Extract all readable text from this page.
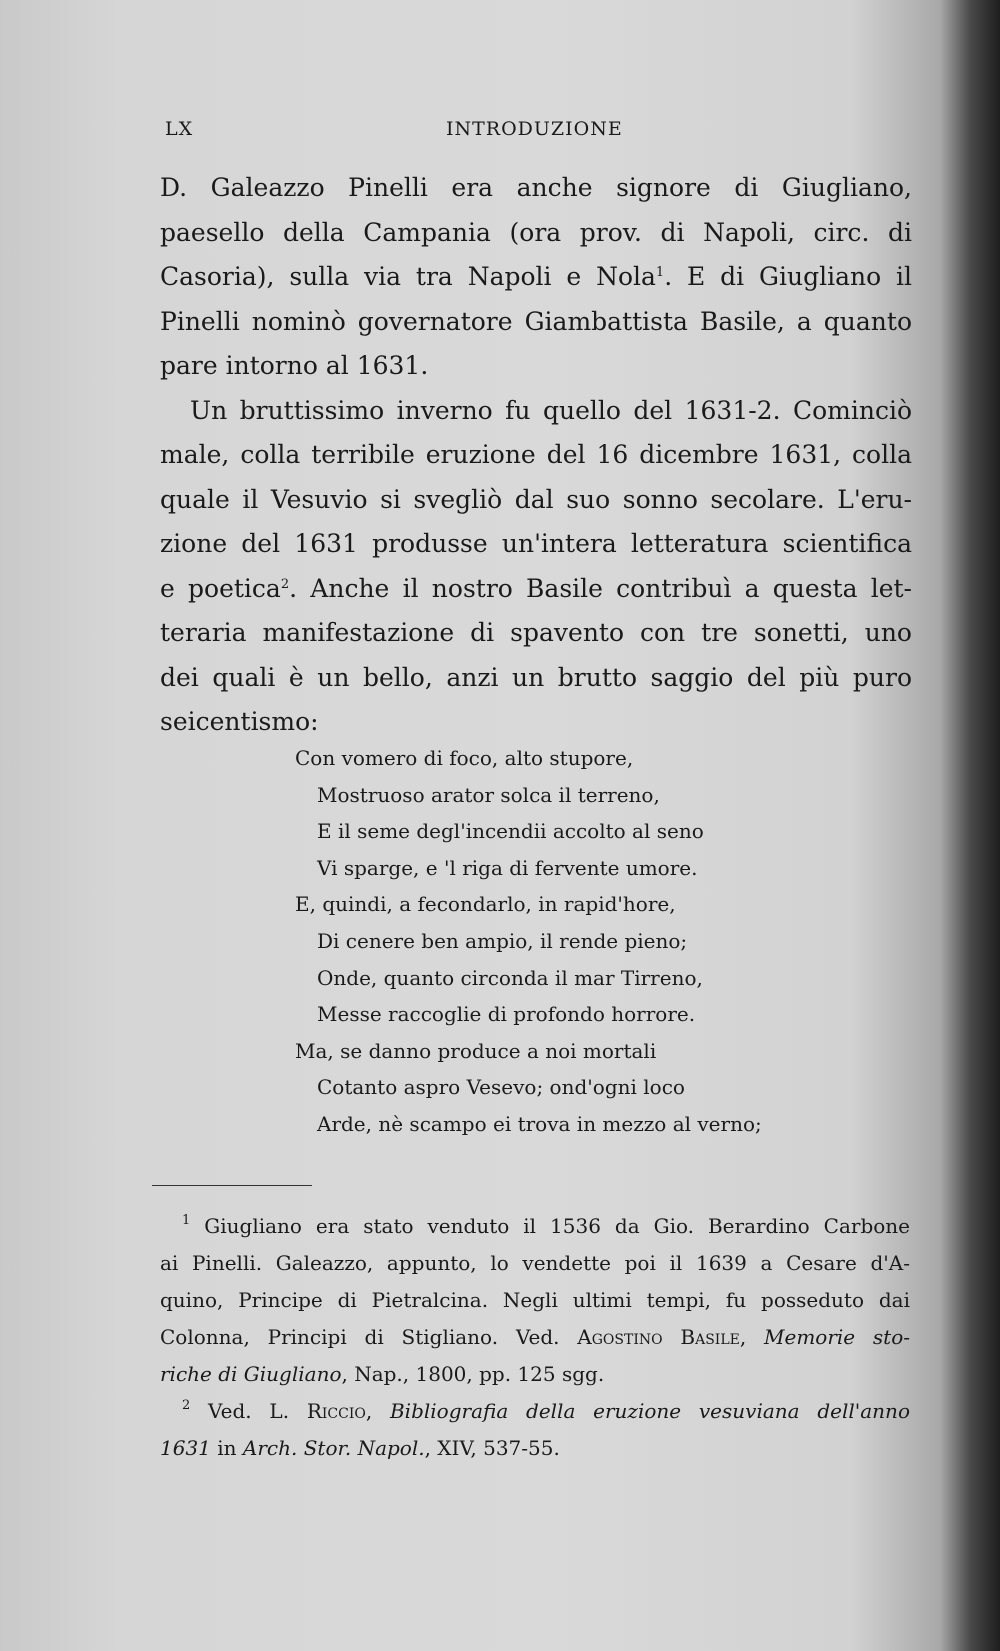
LX	INTRODUZIONE
D. Galeazzo Pinelli era anche signore di Giugliano,
paesello della Campania (ora prov. di Napoli, circ. di
Casoria), sulla via tra Napoli e Nola$^1$. E di Giugliano il
Pinelli nominò governatore Giambattista Basile, a quanto
pare intorno al 1631.
Un bruttissimo inverno fu quello del 1631-2. Cominciò
male, colla terribile eruzione del 16 dicembre 1631, colla
quale il Vesuvio si svegliò dal suo sonno secolare. L'eru-
zione del 1631 produsse un'intera letteratura scientifica
e poetica$^2$. Anche il nostro Basile contribuì a questa let-
teraria manifestazione di spavento con tre sonetti, uno
dei quali è un bello, anzi un brutto saggio del più puro
seicentismo:
Con vomero di foco, alto stupore,
Mostruoso arator solca il terreno,
E il seme degl'incendii accolto al seno
Vi sparge, e 'l riga di fervente umore.
E, quindi, a fecondarlo, in rapid'hore,
Di cenere ben ampio, il rende pieno;
Onde, quanto circonda il mar Tirreno,
Messe raccoglie di profondo horrore.
Ma, se danno produce a noi mortali
Cotanto aspro Vesevo; ond'ogni loco
Arde, nè scampo ei trova in mezzo al verno;
$^1$ Giugliano era stato venduto il 1536 da Gio. Berardino Carbone
ai Pinelli. Galeazzo, appunto, lo vendette poi il 1639 a Cesare d'A-
quino, Principe di Pietralcina. Negli ultimi tempi, fu posseduto dai
Colonna, Principi di Stigliano. Ved. Agostino Basile, Memorie sto-
riche di Giugliano, Nap., 1800, pp. 125 sgg.
$^2$ Ved. L. Riccio, Bibliografia della eruzione vesuviana dell'anno
1631 in Arch. Stor. Napol., XIV, 537-55.
